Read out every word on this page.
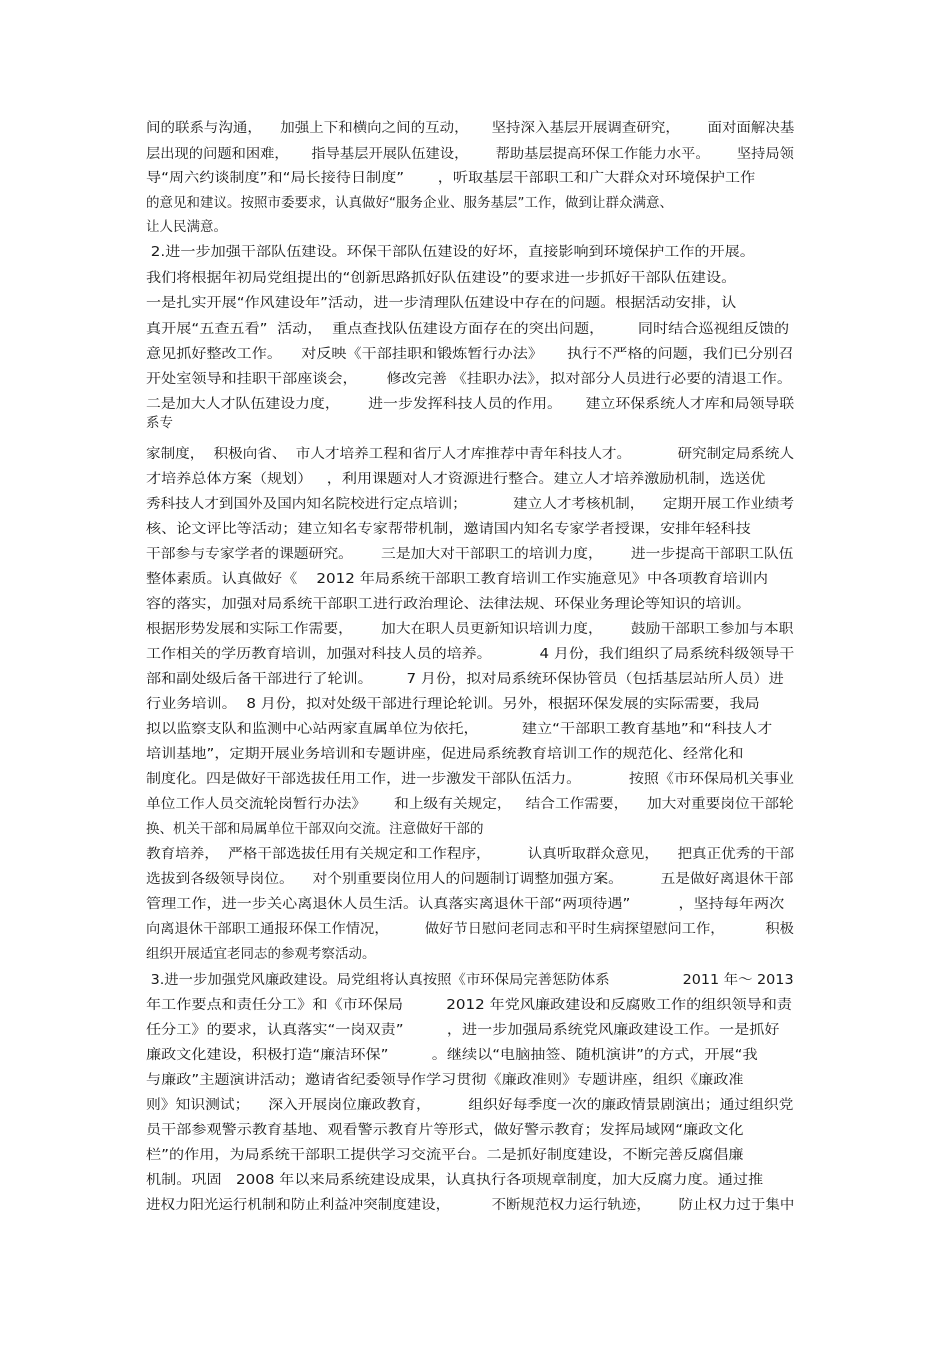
间的联系与沟通，    加强上下和横向之间的互动，     坚持深入基层开展调查研究，      面对面解决基
层出现的问题和困难，     指导基层开展队伍建设，      帮助基层提高环保工作能力水平。      坚持局领
导“周六约谈制度”和“局长接待日制度”       ，听取基层干部职工和广大群众对环境保护工作
的意见和建议。按照市委要求，认真做好“服务企业、服务基层”工作，做到让群众满意、
让人民满意。
2.进一步加强干部队伍建设。环保干部队伍建设的好坏，直接影响到环境保护工作的开展。
我们将根据年初局党组提出的“创新思路抓好队伍建设”的要求进一步抓好干部队伍建设。
一是扎实开展“作风建设年”活动，进一步清理队伍建设中存在的问题。根据活动安排，认
真开展“五查五看”  活动，  重点查找队伍建设方面存在的突出问题，       同时结合巡视组反馈的
意见抓好整改工作。    对反映《干部挂职和锻炼暂行办法》     执行不严格的问题，我们已分别召
开处室领导和挂职干部座谈会，      修改完善 《挂职办法》，拟对部分人员进行必要的清退工作。
二是加大人才队伍建设力度，      进一步发挥科技人员的作用。     建立环保系统人才库和局领导联
系专
家制度，  积极向省、  市人才培养工程和省厅人才库推荐中青年科技人才。          研究制定局系统人
才培养总体方案（规划）   ，利用课题对人才资源进行整合。建立人才培养激励机制，选送优
秀科技人才到国外及国内知名院校进行定点培训；          建立人才考核机制，    定期开展工作业绩考
核、论文评比等活动；建立知名专家帮带机制，邀请国内知名专家学者授课，安排年轻科技
干部参与专家学者的课题研究。      三是加大对干部职工的培训力度，      进一步提高干部职工队伍
整体素质。认真做好《    2012 年局系统干部职工教育培训工作实施意见》中各项教育培训内
容的落实，加强对局系统干部职工进行政治理论、法律法规、环保业务理论等知识的培训。
根据形势发展和实际工作需要，      加大在职人员更新知识培训力度，      鼓励干部职工参加与本职
工作相关的学历教育培训，加强对科技人员的培养。          4 月份，我们组织了局系统科级领导干
部和副处级后备干部进行了轮训。       7 月份，拟对局系统环保协管员（包括基层站所人员）进
行业务培训。  8 月份，拟对处级干部进行理论轮训。另外，根据环保发展的实际需要，我局
拟以监察支队和监测中心站两家直属单位为依托，         建立“干部职工教育基地”和“科技人才
培训基地”，定期开展业务培训和专题讲座，促进局系统教育培训工作的规范化、经常化和
制度化。四是做好干部选拔任用工作，进一步激发干部队伍活力。          按照《市环保局机关事业
单位工作人员交流轮岗暂行办法》      和上级有关规定，   结合工作需要，    加大对重要岗位干部轮
换、机关干部和局属单位干部双向交流。注意做好干部的
教育培养，  严格干部选拔任用有关规定和工作程序，        认真听取群众意见，    把真正优秀的干部
选拔到各级领导岗位。    对个别重要岗位用人的问题制订调整加强方案。        五是做好离退休干部
管理工作，进一步关心离退休人员生活。认真落实离退休干部“两项待遇”          ，坚持每年两次
向离退休干部职工通报环保工作情况，        做好节日慰问老同志和平时生病探望慰问工作，         积极
组织开展适宜老同志的参观考察活动。
3.进一步加强党风廉政建设。局党组将认真按照《市环保局完善惩防体系                2011 年～ 2013
年工作要点和责任分工》和《市环保局         2012 年党风廉政建设和反腐败工作的组织领导和责
任分工》的要求，认真落实“一岗双责”         ，进一步加强局系统党风廉政建设工作。一是抓好
廉政文化建设，积极打造“廉洁环保”         。继续以“电脑抽签、随机演讲”的方式，开展“我
与廉政”主题演讲活动；邀请省纪委领导作学习贯彻《廉政准则》专题讲座，组织《廉政准
则》知识测试；    深入开展岗位廉政教育，        组织好每季度一次的廉政情景剧演出；通过组织党
员干部参观警示教育基地、观看警示教育片等形式，做好警示教育；发挥局域网“廉政文化
栏”的作用，为局系统干部职工提供学习交流平台。二是抓好制度建设，不断完善反腐倡廉
机制。巩固   2008 年以来局系统建设成果，认真执行各项规章制度，加大反腐力度。通过推
进权力阳光运行机制和防止利益冲突制度建设，         不断规范权力运行轨迹，      防止权力过于集中
